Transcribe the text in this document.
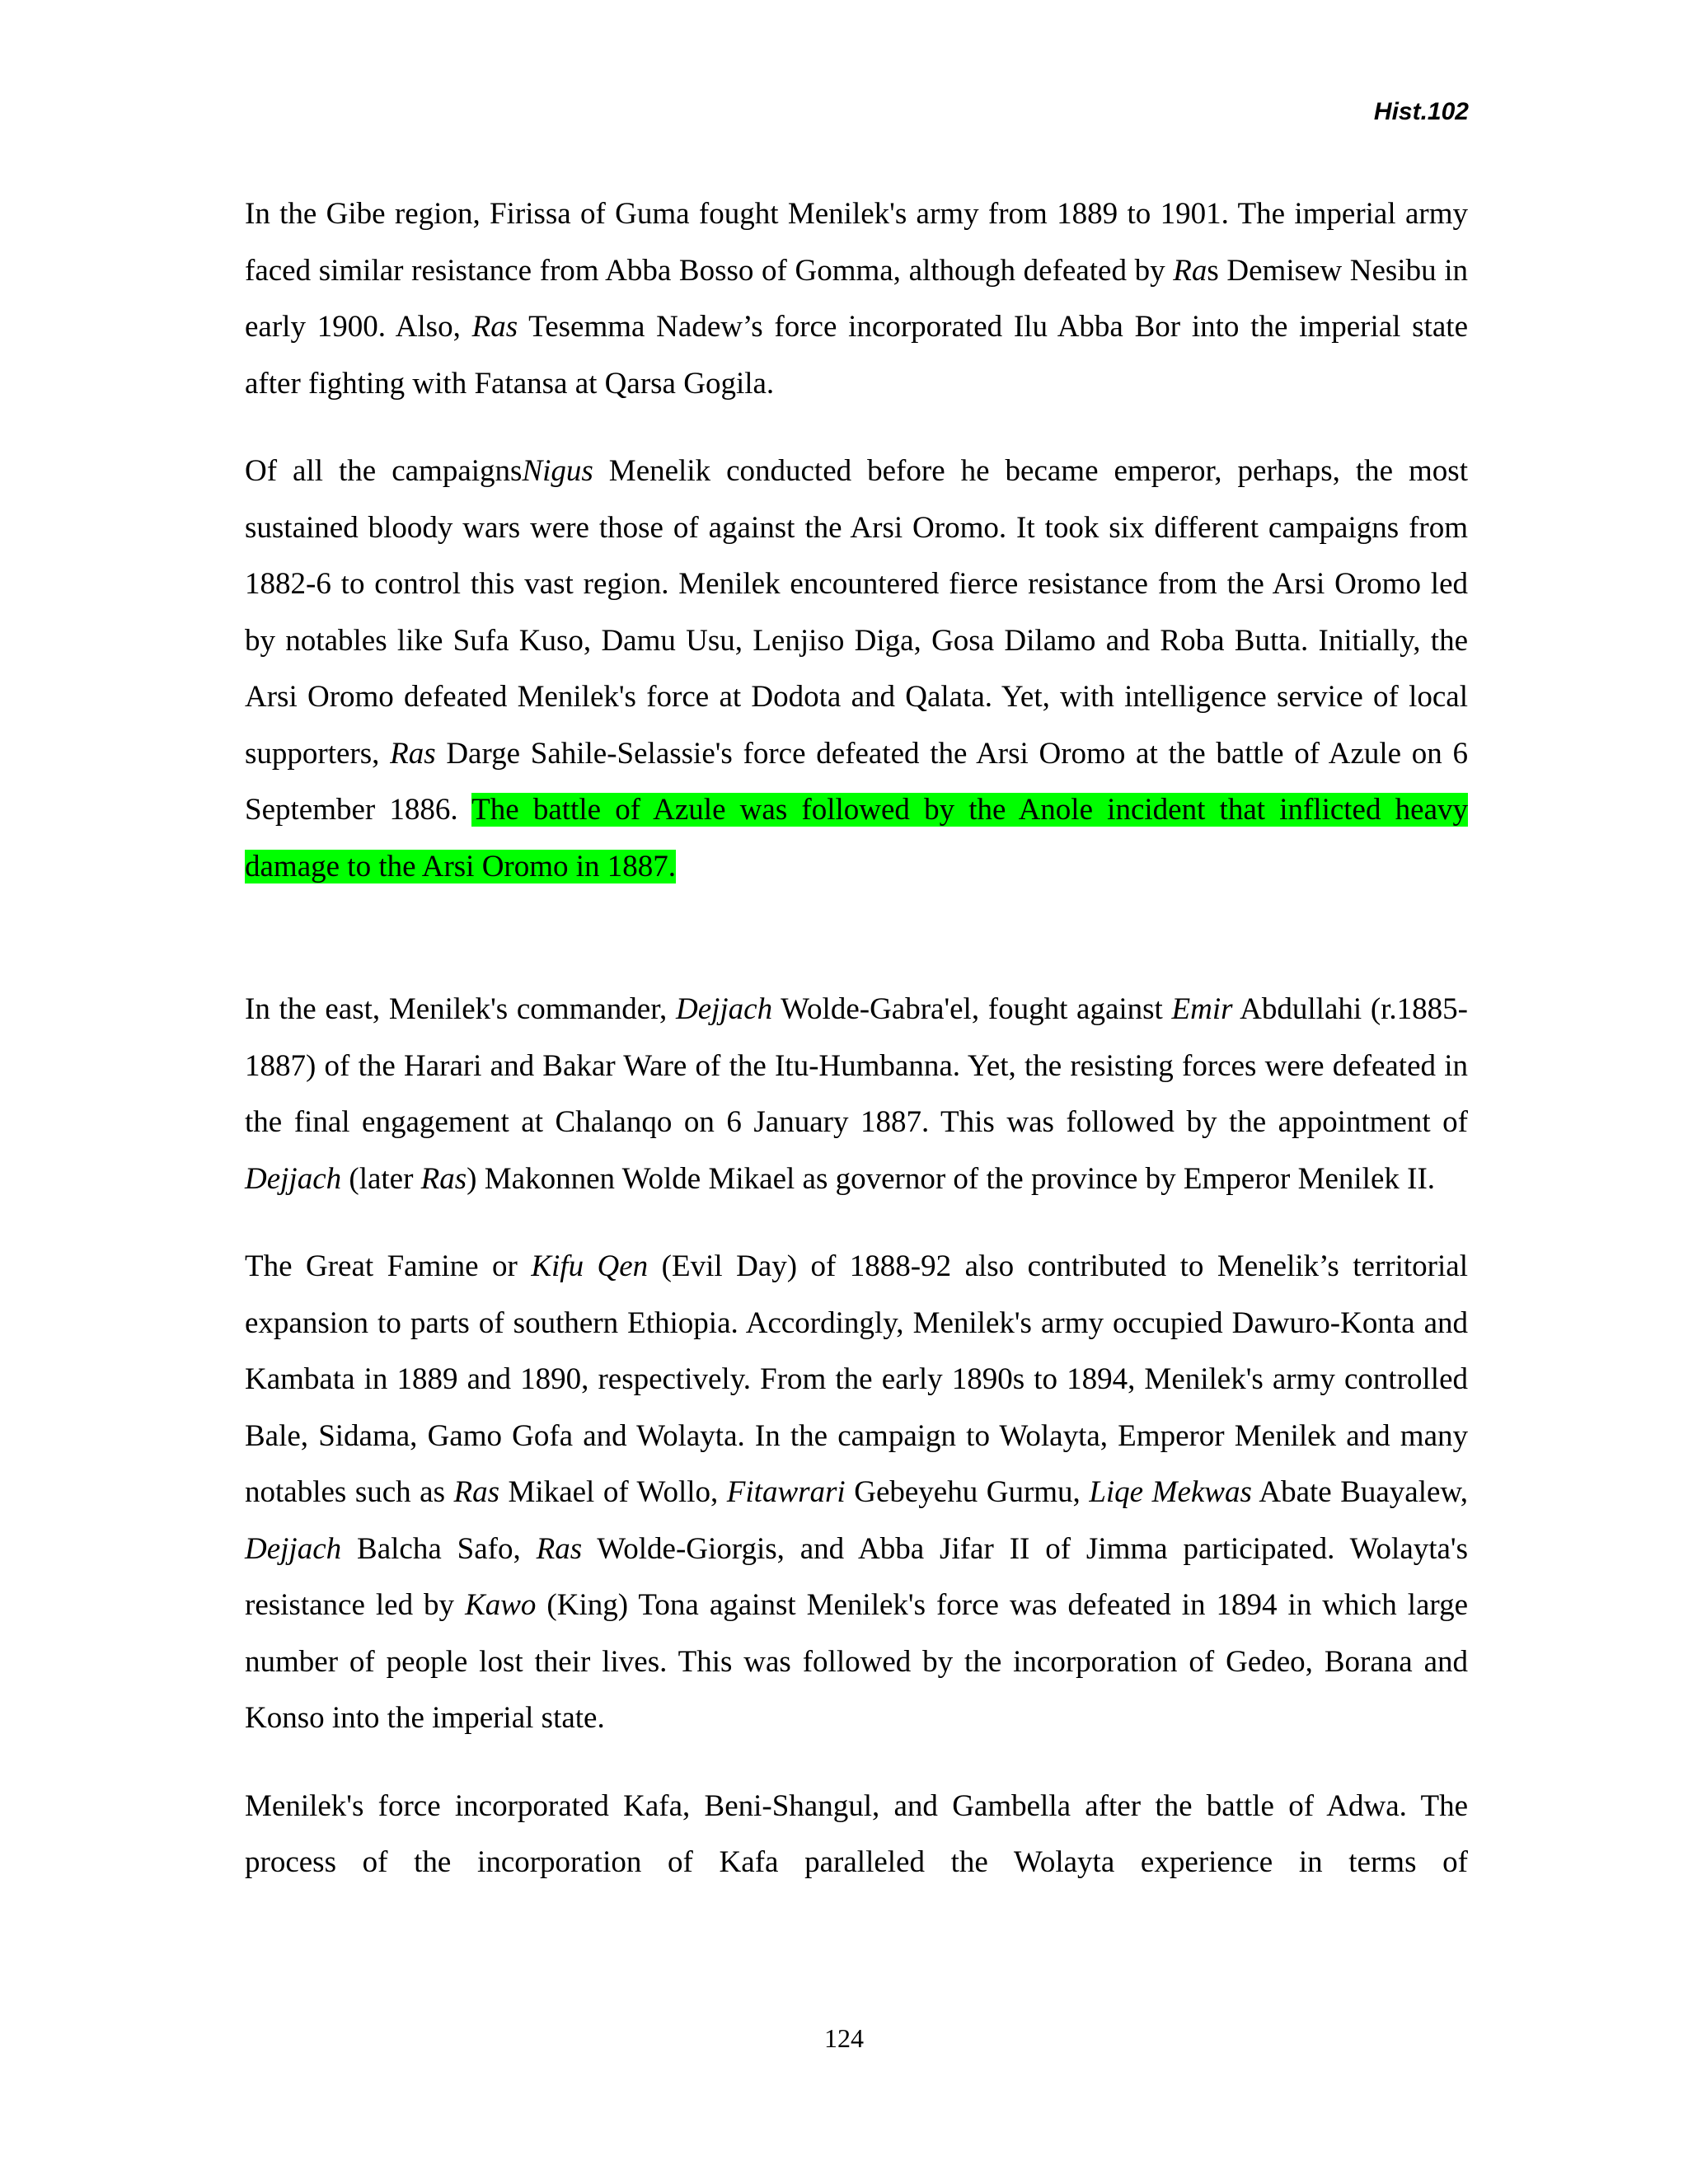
Hist.102

In the Gibe region, Firissa of Guma fought Menilek's army from 1889 to 1901. The imperial army faced similar resistance from Abba Bosso of Gomma, although defeated by Ras Demisew Nesibu in early 1900. Also, Ras Tesemma Nadew’s force incorporated Ilu Abba Bor into the imperial state after fighting with Fatansa at Qarsa Gogila.

Of all the campaignsNigus Menelik conducted before he became emperor, perhaps, the most sustained bloody wars were those of against the Arsi Oromo. It took six different campaigns from 1882-6 to control this vast region. Menilek encountered fierce resistance from the Arsi Oromo led by notables like Sufa Kuso, Damu Usu, Lenjiso Diga, Gosa Dilamo and Roba Butta. Initially, the Arsi Oromo defeated Menilek's force at Dodota and Qalata. Yet, with intelligence service of local supporters, Ras Darge Sahile-Selassie's force defeated the Arsi Oromo at the battle of Azule on 6 September 1886. The battle of Azule was followed by the Anole incident that inflicted heavy damage to the Arsi Oromo in 1887.

In the east, Menilek's commander, Dejjach Wolde-Gabra'el, fought against Emir Abdullahi (r.1885-1887) of the Harari and Bakar Ware of the Itu-Humbanna. Yet, the resisting forces were defeated in the final engagement at Chalanqo on 6 January 1887. This was followed by the appointment of Dejjach (later Ras) Makonnen Wolde Mikael as governor of the province by Emperor Menilek II.

The Great Famine or Kifu Qen (Evil Day) of 1888-92 also contributed to Menelik’s territorial expansion to parts of southern Ethiopia. Accordingly, Menilek's army occupied Dawuro-Konta and Kambata in 1889 and 1890, respectively. From the early 1890s to 1894, Menilek's army controlled Bale, Sidama, Gamo Gofa and Wolayta. In the campaign to Wolayta, Emperor Menilek and many notables such as Ras Mikael of Wollo, Fitawrari Gebeyehu Gurmu, Liqe Mekwas Abate Buayalew, Dejjach Balcha Safo, Ras Wolde-Giorgis, and Abba Jifar II of Jimma participated. Wolayta's resistance led by Kawo (King) Tona against Menilek's force was defeated in 1894 in which large number of people lost their lives. This was followed by the incorporation of Gedeo, Borana and Konso into the imperial state.

Menilek's force incorporated Kafa, Beni-Shangul, and Gambella after the battle of Adwa. The process of the incorporation of Kafa paralleled the Wolayta experience in terms of

124
